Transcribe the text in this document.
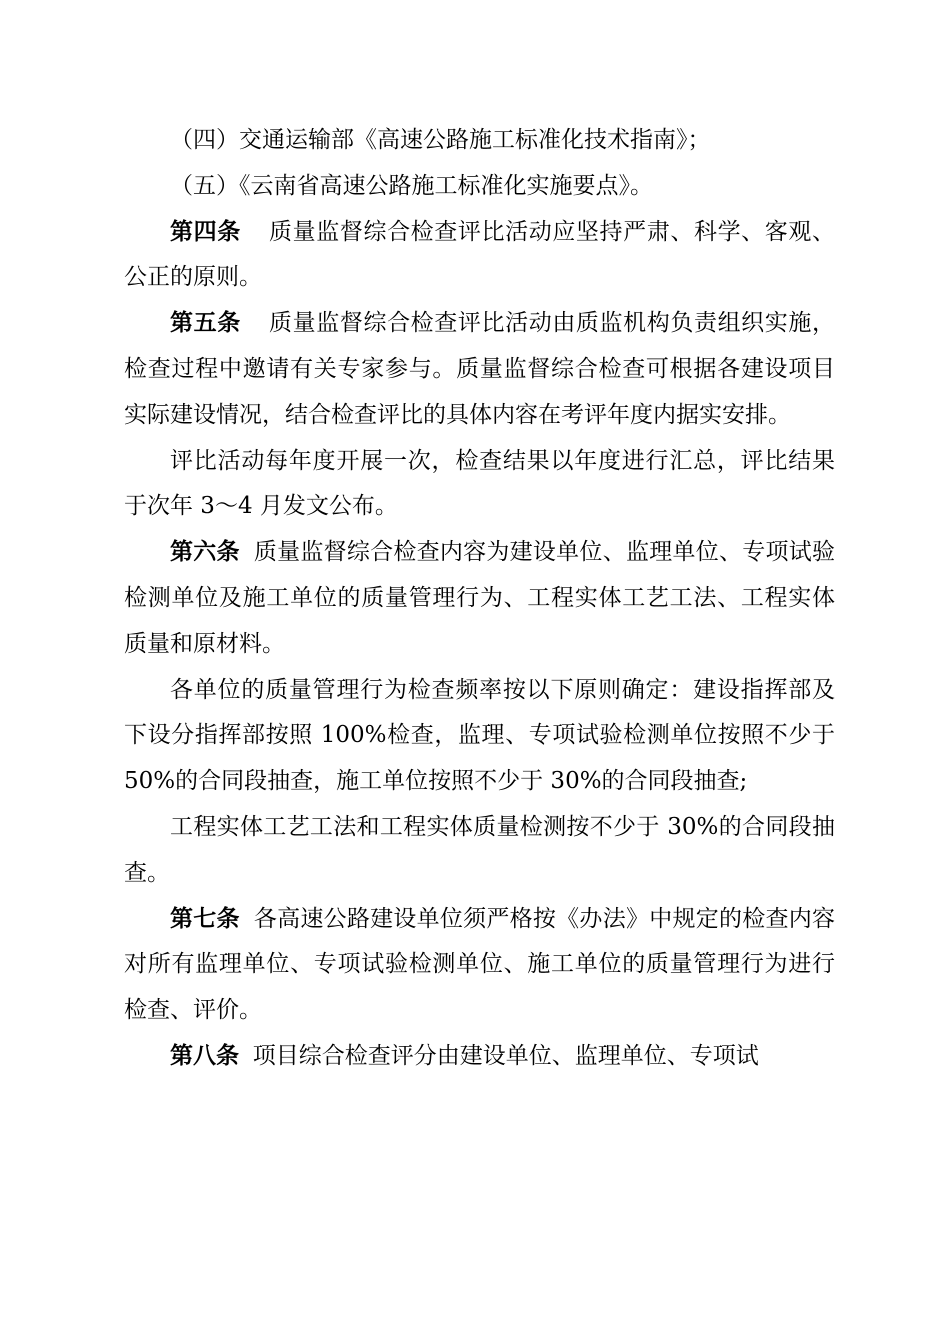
（四）交通运输部《高速公路施工标准化技术指南》；

（五）《云南省高速公路施工标准化实施要点》。

第四条 质量监督综合检查评比活动应坚持严肃、科学、客观、公正的原则。

第五条 质量监督综合检查评比活动由质监机构负责组织实施，检查过程中邀请有关专家参与。质量监督综合检查可根据各建设项目实际建设情况，结合检查评比的具体内容在考评年度内据实安排。

评比活动每年度开展一次，检查结果以年度进行汇总，评比结果于次年 3～4 月发文公布。

第六条 质量监督综合检查内容为建设单位、监理单位、专项试验检测单位及施工单位的质量管理行为、工程实体工艺工法、工程实体质量和原材料。

各单位的质量管理行为检查频率按以下原则确定：建设指挥部及下设分指挥部按照 100%检查，监理、专项试验检测单位按照不少于 50%的合同段抽查，施工单位按照不少于 30%的合同段抽查;

工程实体工艺工法和工程实体质量检测按不少于 30%的合同段抽查。

第七条 各高速公路建设单位须严格按《办法》中规定的检查内容对所有监理单位、专项试验检测单位、施工单位的质量管理行为进行检查、评价。

第八条 项目综合检查评分由建设单位、监理单位、专项试
